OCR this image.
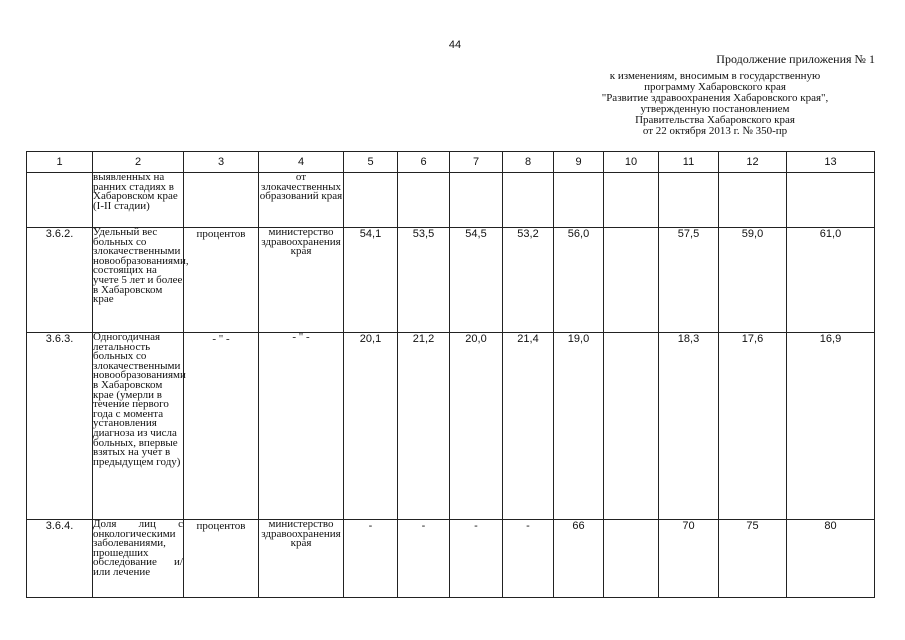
44
Продолжение приложения № 1
к изменениям, вносимым в государственную
программу Хабаровского края
"Развитие здравоохранения Хабаровского края",
утвержденную постановлением
Правительства Хабаровского края
от 22 октября 2013 г. № 350-пр
1	2	3	4	5	6	7	8	9	10	11	12	13
	выявленных на ранних стадиях в Хабаровском крае (I-II стадии)		от злокачественных образований края									
3.6.2.	Удельный вес больных со злокачественными новообразованиями, состоящих на учете 5 лет и более в Хабаровском крае	процентов	министерство здравоохранения края	54,1	53,5	54,5	53,2	56,0		57,5	59,0	61,0
3.6.3.	Одногодичная летальность больных со злокачественными новообразованиями в Хабаровском крае (умерли в течение первого года с момента установления диагноза из числа больных, впервые взятых на учет в предыдущем году)	- " -	- " -	20,1	21,2	20,0	21,4	19,0		18,3	17,6	16,9
3.6.4.	Доля лиц с онкологическими заболеваниями, прошедших обследование и/или лечение	процентов	министерство здравоохранения края	-	-	-	-	66		70	75	80
